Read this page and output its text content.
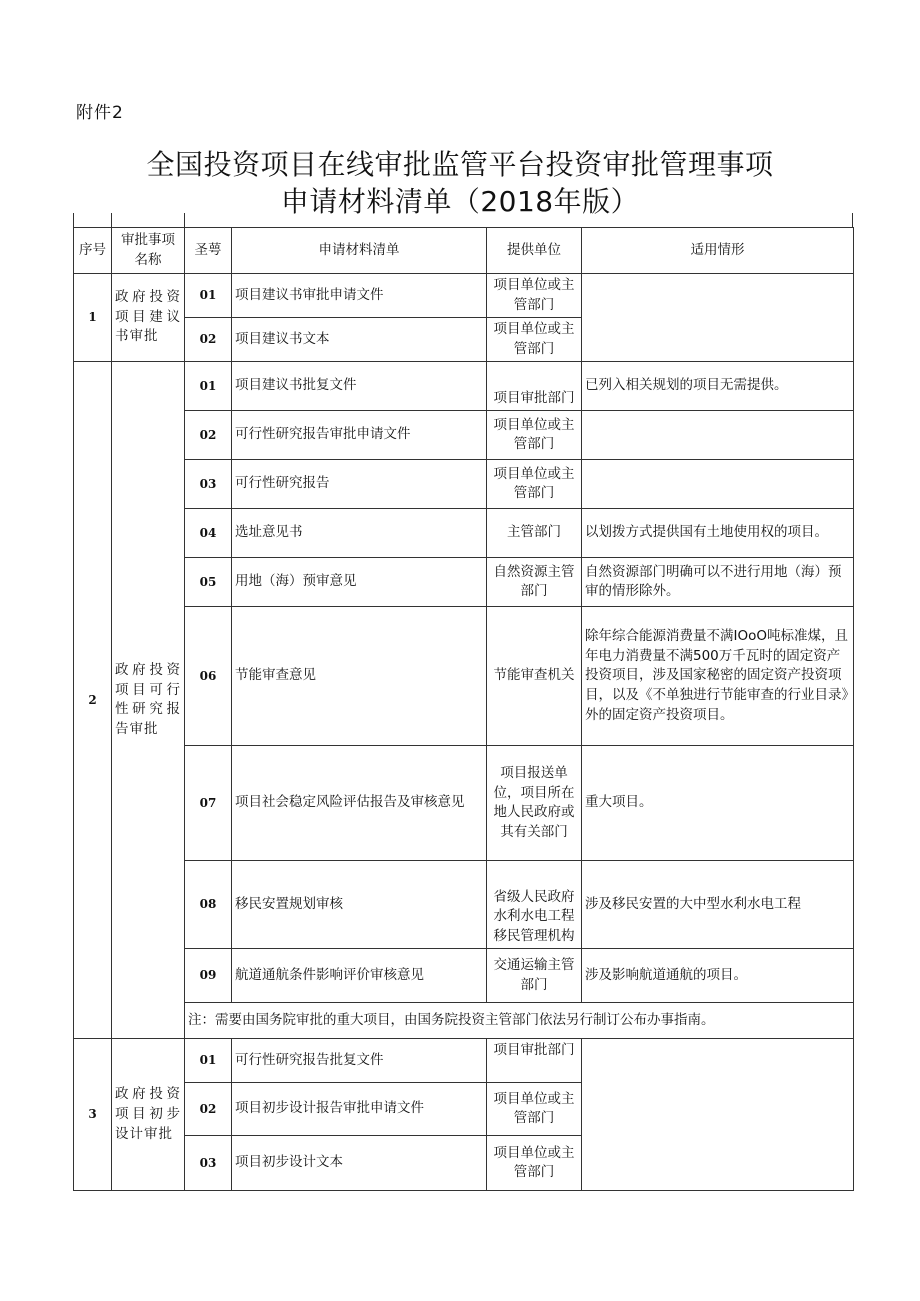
附件2
全国投资项目在线审批监管平台投资审批管理事项
申请材料清单（2018年版）
序号	审批事项名称	圣萼	申请材料清单	提供单位	适用情形
1	政府投资项目建议书审批	01	项目建议书审批申请文件	项目单位或主管部门	
		02	项目建议书文本	项目单位或主管部门	
2	政府投资项目可行性研究报告审批	01	项目建议书批复文件	项目审批部门	已列入相关规划的项目无需提供。
		02	可行性研究报告审批申请文件	项目单位或主管部门	
		03	可行性研究报告	项目单位或主管部门	
		04	选址意见书	主管部门	以划拨方式提供国有土地使用权的项目。
		05	用地（海）预审意见	自然资源主管部门	自然资源部门明确可以不进行用地（海）预审的情形除外。
		06	节能审查意见	节能审查机关	除年综合能源消费量不满IOoO吨标准煤，且年电力消费量不满500万千瓦时的固定资产投资项目，涉及国家秘密的固定资产投资项目，以及《不单独进行节能审查的行业目录》外的固定资产投资项目。
		07	项目社会稳定风险评估报告及审核意见	项目报送单位，项目所在地人民政府或其有关部门	重大项目。
		08	移民安置规划审核	省级人民政府水利水电工程移民管理机构	涉及移民安置的大中型水利水电工程
		09	航道通航条件影响评价审核意见	交通运输主管部门	涉及影响航道通航的项目。
		注：需要由国务院审批的重大项目，由国务院投资主管部门依法另行制订公布办事指南。			
3	政府投资项目初步设计审批	01	可行性研究报告批复文件	项目审批部门	
		02	项目初步设计报告审批申请文件	项目单位或主管部门	
		03	项目初步设计文本	项目单位或主管部门	
